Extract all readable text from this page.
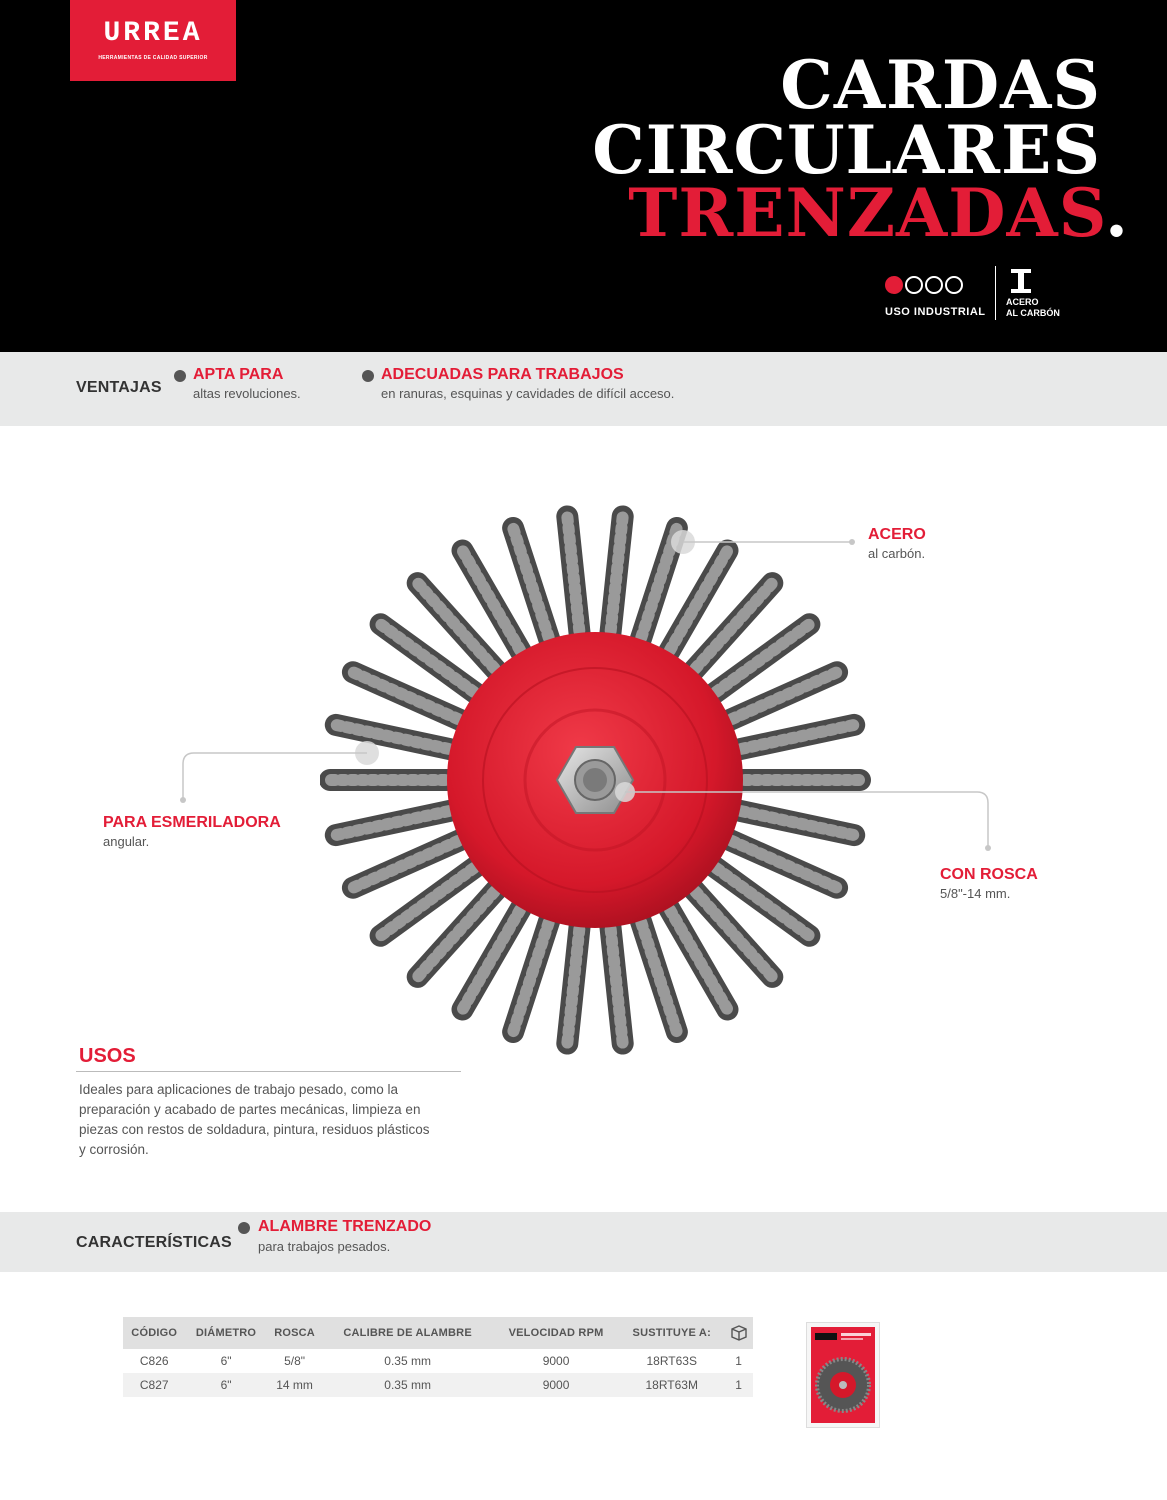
URREA
HERRAMIENTAS DE CALIDAD SUPERIOR	CARDAS
CIRCULARES
TRENZADAS.
USO INDUSTRIAL
ACERO
AL CARBÓN
VENTAJAS
APTA PARA
altas revoluciones.
ADECUADAS PARA TRABAJOS
en ranuras, esquinas y cavidades de difícil acceso.
ACERO
al carbón.
PARA ESMERILADORA
angular.
CON ROSCA
5/8"-14 mm.
USOS
Ideales para aplicaciones de trabajo pesado, como la preparación y acabado de partes mecánicas, limpieza en piezas con restos de soldadura, pintura, residuos plásticos y corrosión.
CARACTERÍSTICAS
ALAMBRE TRENZADO
para trabajos pesados.
CÓDIGO	DIÁMETRO	ROSCA	CALIBRE DE ALAMBRE	VELOCIDAD RPM	SUSTITUYE A:	
C826	6"	5/8"	0.35 mm	9000	18RT63S	1
C827	6"	14 mm	0.35 mm	9000	18RT63M	1
